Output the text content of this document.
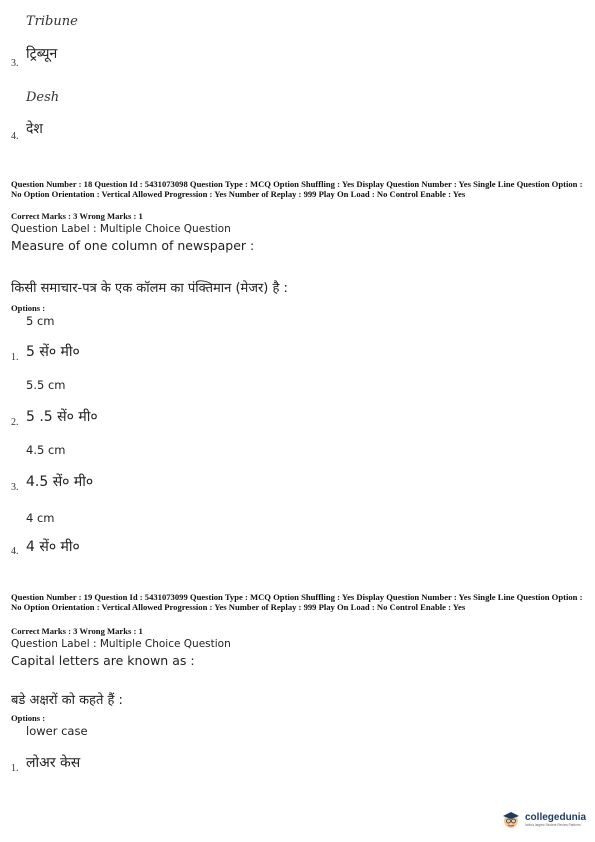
Tribune
3.
ट्रिब्यून
Desh
4. देश
Question Number : 18 Question Id : 5431073098 Question Type : MCQ Option Shuffling : Yes Display Question Number : Yes Single Line Question Option : No Option Orientation : Vertical Allowed Progression : Yes Number of Replay : 999 Play On Load : No Control Enable : Yes
Correct Marks : 3 Wrong Marks : 1
Question Label : Multiple Choice Question
Measure of one column of newspaper :
किसी समाचार-पत्र के एक कॉलम का पंक्तिमान (मेजर) है :
Options :
5 cm
1. 5 सें० मी०
5.5 cm
2. 5 .5 सें० मी०
4.5 cm
3. 4.5 सें० मी०
4 cm
4. 4 सें० मी०
Question Number : 19 Question Id : 5431073099 Question Type : MCQ Option Shuffling : Yes Display Question Number : Yes Single Line Question Option : No Option Orientation : Vertical Allowed Progression : Yes Number of Replay : 999 Play On Load : No Control Enable : Yes
Correct Marks : 3 Wrong Marks : 1
Question Label : Multiple Choice Question
Capital letters are known as :
बडे अक्षरों को कहते हैं :
Options :
lower case
1. लोअर केस
collegedunia
India's largest Student Review Platform
